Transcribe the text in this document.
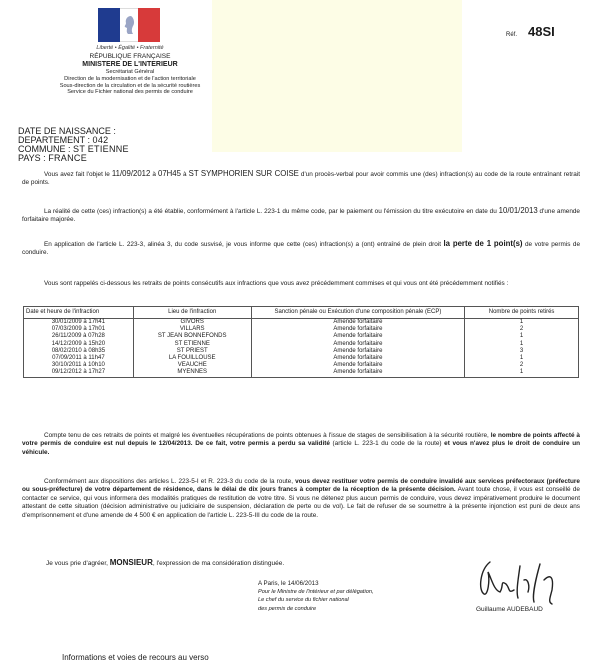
Liberté • Égalité • Fraternité
RÉPUBLIQUE FRANÇAISE
MINISTERE DE L'INTERIEUR
Secrétariat Général
Direction de la modernisation et de l'action territoriale
Sous-direction de la circulation et de la sécurité routières
Service du Fichier national des permis de conduire
Réf. 48SI
DATE DE NAISSANCE :
DEPARTEMENT : 042
COMMUNE : ST ETIENNE
PAYS : FRANCE
Vous avez fait l'objet le 11/09/2012 à 07H45 à ST SYMPHORIEN SUR COISE d'un procès-verbal pour avoir commis une (des) infraction(s) au code de la route entraînant retrait de points.
La réalité de cette (ces) infraction(s) a été établie, conformément à l'article L. 223-1 du même code, par le paiement ou l'émission du titre exécutoire en date du 10/01/2013 d'une amende forfaitaire majorée.
En application de l'article L. 223-3, alinéa 3, du code susvisé, je vous informe que cette (ces) infraction(s) a (ont) entraîné de plein droit la perte de 1 point(s) de votre permis de conduire.
Vous sont rappelés ci-dessous les retraits de points consécutifs aux infractions que vous avez précédemment commises et qui vous ont été précédemment notifiés :
Date et heure de l'infraction	Lieu de l'infraction	Sanction pénale ou Exécution d'une composition pénale (ECP)	Nombre de points retirés
30/01/2009 à 17h41	GIVORS	Amende forfaitaire	1
07/03/2009 à 17h01	VILLARS	Amende forfaitaire	2
26/11/2009 à 07h28	ST JEAN BONNEFONDS	Amende forfaitaire	1
14/12/2009 à 15h20	ST ETIENNE	Amende forfaitaire	1
08/02/2010 à 08h35	ST PRIEST	Amende forfaitaire	3
07/09/2011 à 11h47	LA FOUILLOUSE	Amende forfaitaire	1
30/10/2011 à 10h10	VEAUCHE	Amende forfaitaire	2
09/12/2012 à 17h27	MYENNES	Amende forfaitaire	1
Compte tenu de ces retraits de points et malgré les éventuelles récupérations de points obtenues à l'issue de stages de sensibilisation à la sécurité routière, le nombre de points affecté à votre permis de conduire est nul depuis le 12/04/2013. De ce fait, votre permis a perdu sa validité (article L. 223-1 du code de la route) et vous n'avez plus le droit de conduire un véhicule.
Conformément aux dispositions des articles L. 223-5-I et R. 223-3 du code de la route, vous devez restituer votre permis de conduire invalidé aux services préfectoraux (préfecture ou sous-préfecture) de votre département de résidence, dans le délai de dix jours francs à compter de la réception de la présente décision. Avant toute chose, il vous est conseillé de contacter ce service, qui vous informera des modalités pratiques de restitution de votre titre. Si vous ne détenez plus aucun permis de conduire, vous devez impérativement produire le document attestant de cette situation (décision administrative ou judiciaire de suspension, déclaration de perte ou de vol). Le fait de refuser de se soumettre à la présente injonction est puni de deux ans d'emprisonnement et d'une amende de 4 500 € en application de l'article L. 223-5-III du code de la route.
Je vous prie d'agréer, MONSIEUR, l'expression de ma considération distinguée.
A Paris, le 14/06/2013
Pour le Ministre de l'intérieur et par délégation,
Le chef du service du fichier national
des permis de conduire	Guillaume AUDEBAUD
Informations et voies de recours au verso
